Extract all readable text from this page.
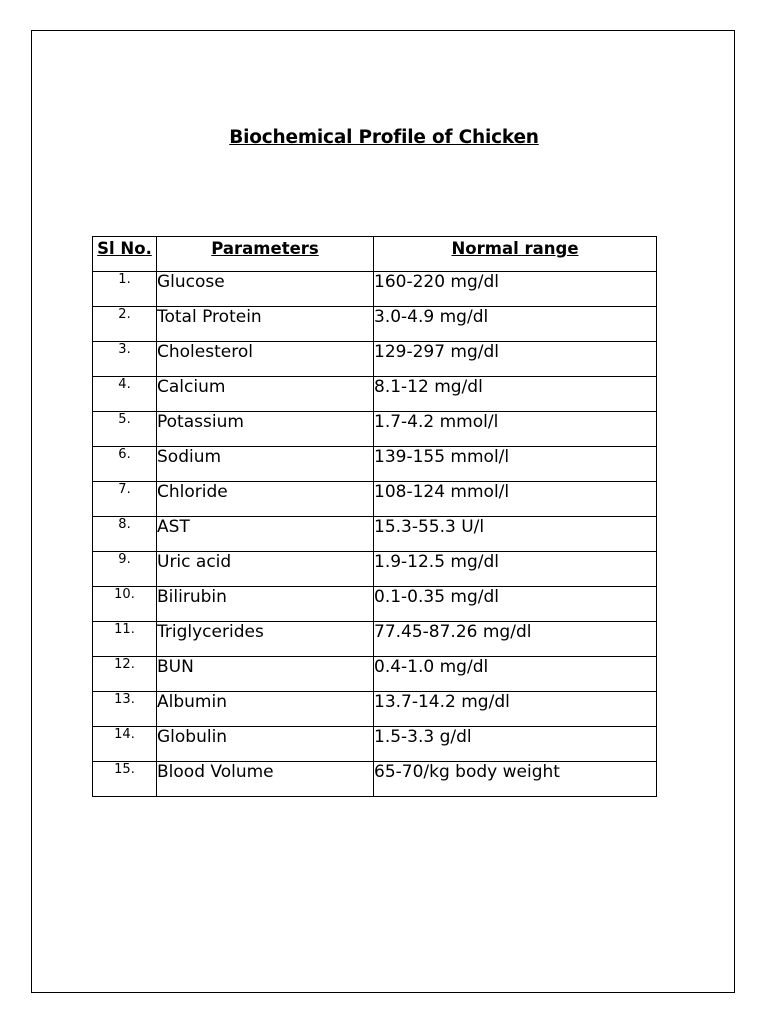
Biochemical Profile of Chicken
Sl No.	Parameters	Normal range
1.	Glucose	160-220 mg/dl
2.	Total Protein	3.0-4.9 mg/dl
3.	Cholesterol	129-297 mg/dl
4.	Calcium	8.1-12 mg/dl
5.	Potassium	1.7-4.2 mmol/l
6.	Sodium	139-155 mmol/l
7.	Chloride	108-124 mmol/l
8.	AST	15.3-55.3 U/l
9.	Uric acid	1.9-12.5 mg/dl
10.	Bilirubin	0.1-0.35 mg/dl
11.	Triglycerides	77.45-87.26 mg/dl
12.	BUN	0.4-1.0 mg/dl
13.	Albumin	13.7-14.2 mg/dl
14.	Globulin	1.5-3.3 g/dl
15.	Blood Volume	65-70/kg body weight
